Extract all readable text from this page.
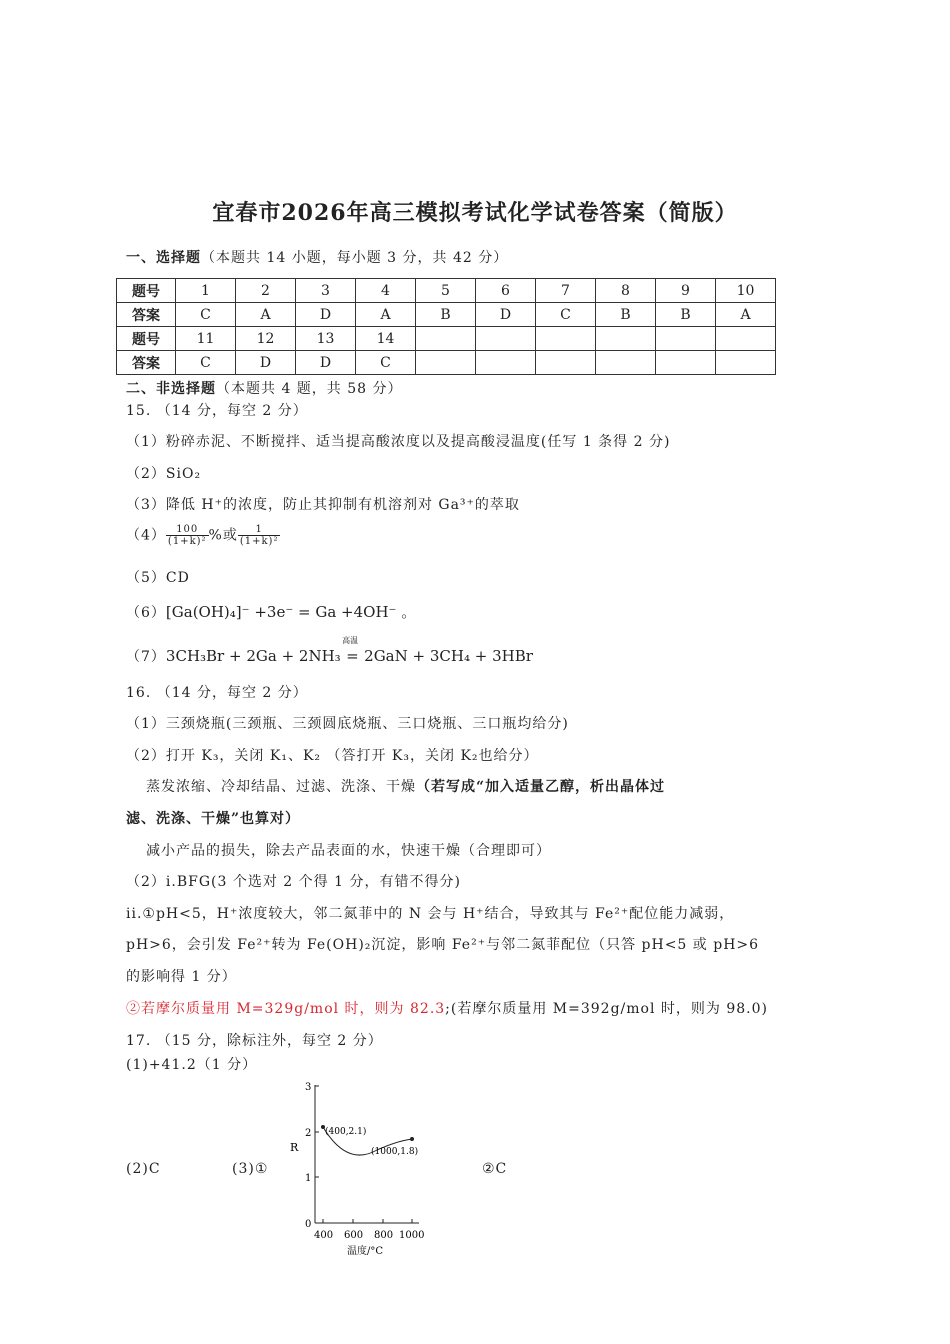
宜春市2026年高三模拟考试化学试卷答案（简版）
一、选择题（本题共 14 小题，每小题 3 分，共 42 分）
题号	1	2	3	4	5	6	7	8	9	10
答案	C	A	D	A	B	D	C	B	B	A
题号	11	12	13	14						
答案	C	D	D	C						
二、非选择题（本题共 4 题，共 58 分）
15. （14 分，每空 2 分）
（1）粉碎赤泥、不断搅拌、适当提高酸浓度以及提高酸浸温度(任写 1 条得 2 分)
（2）SiO₂
（3）降低 H⁺的浓度，防止其抑制有机溶剂对 Ga³⁺的萃取
$(4) \frac{100}{\text{(1+k)²}}$ %或 $\frac{1}{\text{(1+k)²}}$
（5）CD
（6）[Ga(OH)₄]⁻ +3e⁻ = Ga +4OH⁻ 。
（7）3CH₃Br + 2Ga + 2NH₃
高温
= 2GaN + 3CH₄ + 3HBr
16. （14 分，每空 2 分）
（1）三颈烧瓶(三颈瓶、三颈圆底烧瓶、三口烧瓶、三口瓶均给分)
（2）打开 K₃，关闭 K₁、K₂ （答打开 K₃，关闭 K₂也给分）
蒸发浓缩、冷却结晶、过滤、洗涤、干燥（若写成“加入适量乙醇，析出晶体过
滤、洗涤、干燥”也算对）
减小产品的损失，除去产品表面的水，快速干燥（合理即可）
（2）i.BFG(3 个选对 2 个得 1 分，有错不得分)
ii.①pH<5，H⁺浓度较大，邻二氮菲中的 N 会与 H⁺结合，导致其与 Fe²⁺配位能力减弱，
pH>6，会引发 Fe²⁺转为 Fe(OH)₂沉淀，影响 Fe²⁺与邻二氮菲配位（只答 pH<5 或 pH>6
的影响得 1 分）
②若摩尔质量用 M=329g/mol 时，则为 82.3;(若摩尔质量用 M=392g/mol 时，则为 98.0)
17. （15 分，除标注外，每空 2 分）
(1)+41.2（1 分）
(2)C	(3)①	②C
0
1
2
3
R
400 600 800 1000
温度/°C
(400,2.1)
(1000,1.8)
